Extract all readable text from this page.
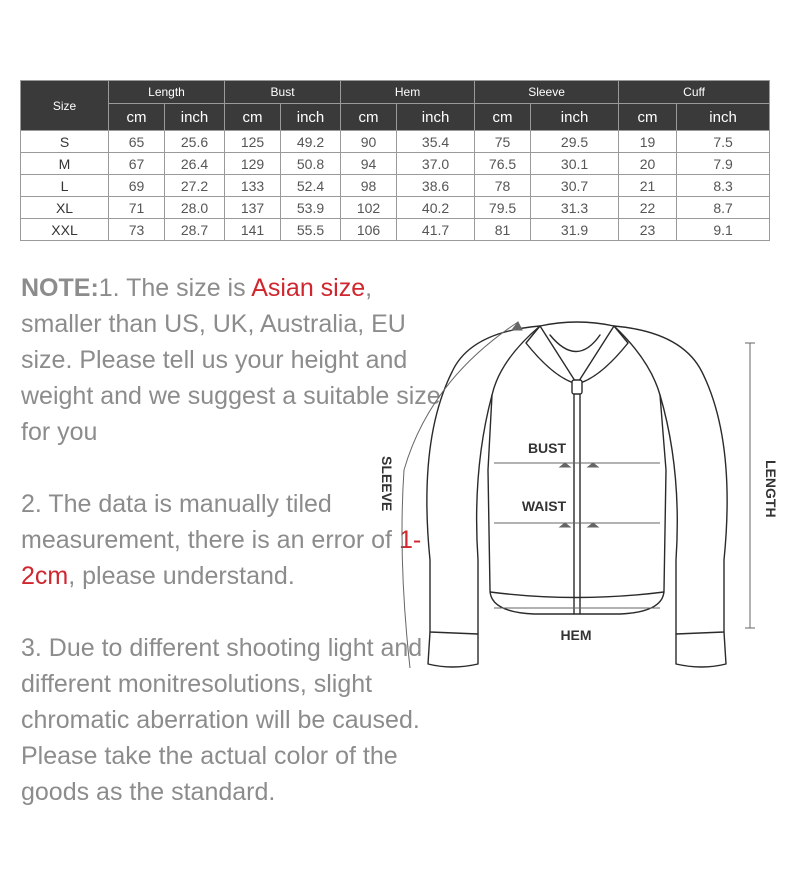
Size	Length		Bust		Hem		Sleeve		Cuff	
	cm	inch	cm	inch	cm	inch	cm	inch	cm	inch
S	65	25.6	125	49.2	90	35.4	75	29.5	19	7.5
M	67	26.4	129	50.8	94	37.0	76.5	30.1	20	7.9
L	69	27.2	133	52.4	98	38.6	78	30.7	21	8.3
XL	71	28.0	137	53.9	102	40.2	79.5	31.3	22	8.7
XXL	73	28.7	141	55.5	106	41.7	81	31.9	23	9.1

NOTE:1. The size is Asian size, smaller than US, UK, Australia, EU size. Please tell us your height and weight and we suggest a suitable size for you

2. The data is manually tiled measurement, there is an error of 1-2cm, please understand.

3. Due to different shooting light and different monitresolutions, slight chromatic aberration will be caused. Please take the actual color of the goods as the standard.

BUST
WAIST
HEM
SLEEVE	LENGTH
